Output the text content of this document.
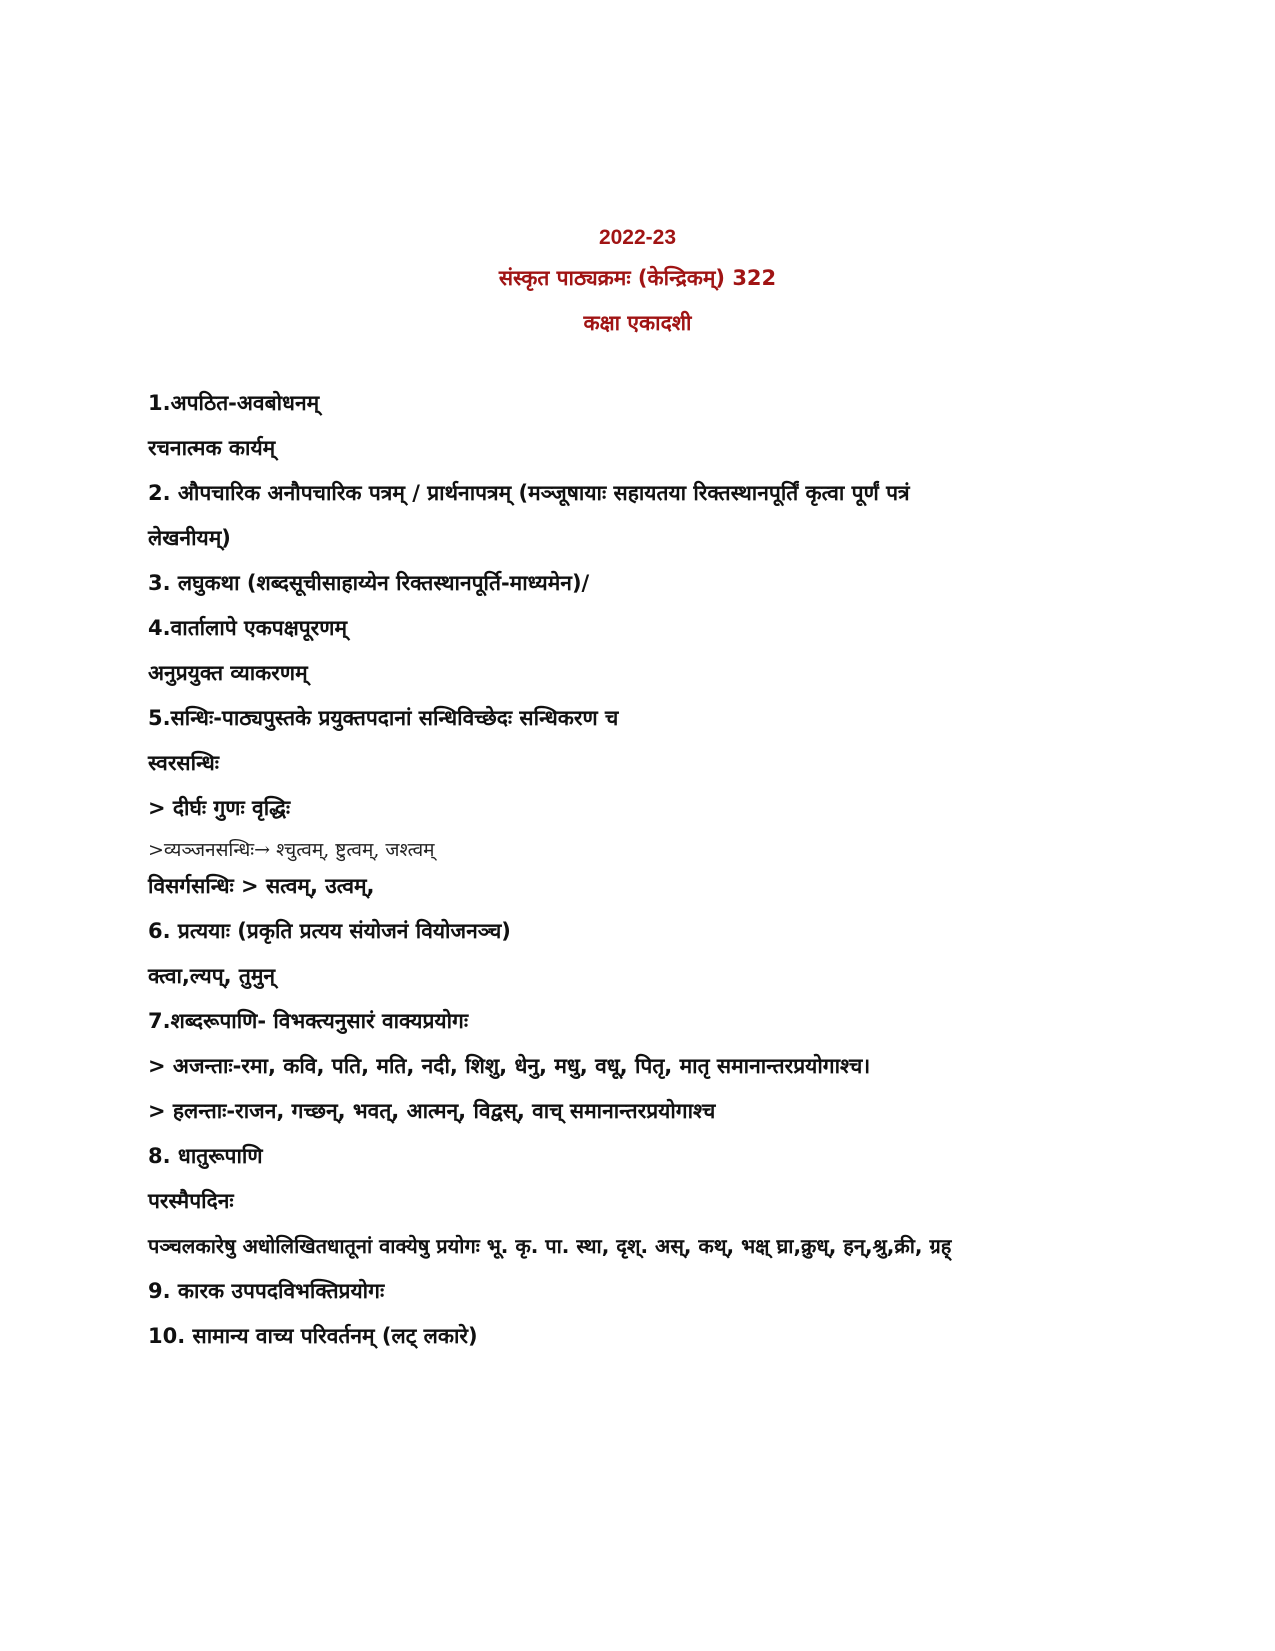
2022-23
संस्कृत पाठ्यक्रमः (केन्द्रिकम्) 322
कक्षा एकादशी
1.अपठित-अवबोधनम्
रचनात्मक कार्यम्
2. औपचारिक अनौपचारिक पत्रम् / प्रार्थनापत्रम् (मञ्जूषायाः सहायतया रिक्तस्थानपूर्तिं कृत्वा पूर्णं पत्रं
लेखनीयम्)
3. लघुकथा (शब्दसूचीसाहाय्येन रिक्तस्थानपूर्ति-माध्यमेन)/
4.वार्तालापे एकपक्षपूरणम्
अनुप्रयुक्त व्याकरणम्
5.सन्धिः-पाठ्यपुस्तके प्रयुक्तपदानां सन्धिविच्छेदः सन्धिकरण च
स्वरसन्धिः
> दीर्घः गुणः वृद्धिः
>व्यञ्जनसन्धिः→ श्चुत्वम्, ष्टुत्वम्, जश्त्वम्
विसर्गसन्धिः > सत्वम्, उत्वम्,
6. प्रत्ययाः (प्रकृति प्रत्यय संयोजनं वियोजनञ्च)
क्त्वा,ल्यप्, तुमुन्
7.शब्दरूपाणि- विभक्त्यनुसारं वाक्यप्रयोगः
> अजन्ताः-रमा, कवि, पति, मति, नदी, शिशु, धेनु, मधु, वधू, पितृ, मातृ समानान्तरप्रयोगाश्च।
> हलन्ताः-राजन, गच्छन्, भवत्, आत्मन्, विद्वस्, वाच् समानान्तरप्रयोगाश्च
8. धातुरूपाणि
परस्मैपदिनः
पञ्चलकारेषु अधोलिखितधातूनां वाक्येषु प्रयोगः भू. कृ. पा. स्था, दृश्. अस्, कथ्, भक्ष् घ्रा,क्रुध्, हन्,श्रु,क्री, ग्रह्
9. कारक उपपदविभक्तिप्रयोगः
10. सामान्य वाच्य परिवर्तनम् (लट् लकारे)
